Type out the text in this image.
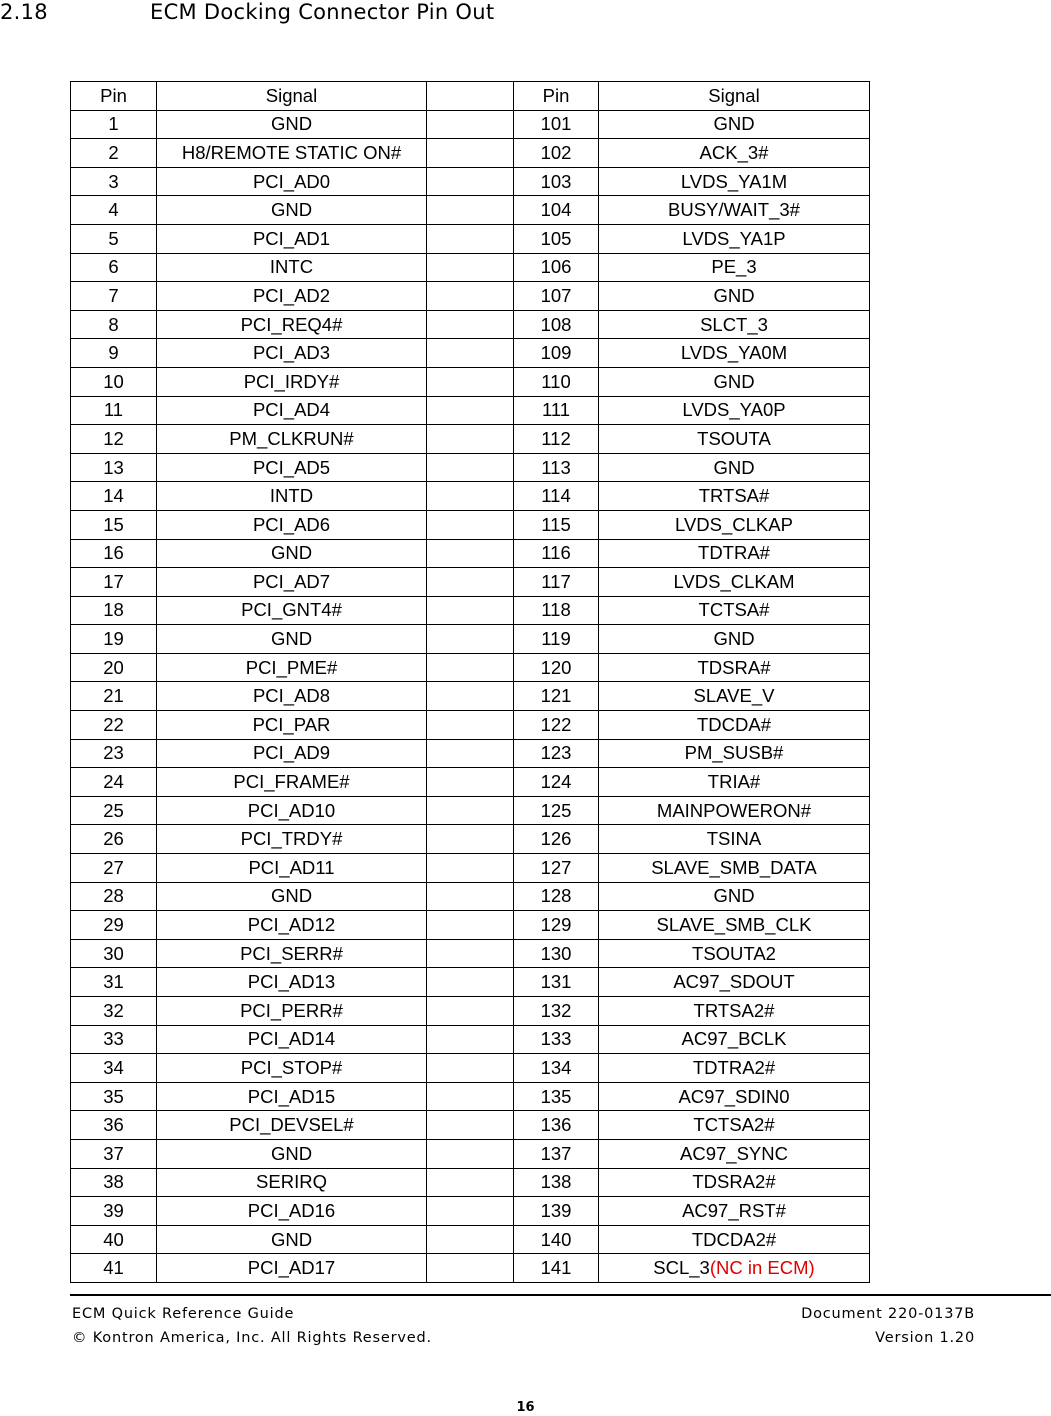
2.18	ECM Docking Connector Pin Out
Pin	Signal		Pin	Signal
1	GND		101	GND
2	H8/REMOTE STATIC ON#		102	ACK_3#
3	PCI_AD0		103	LVDS_YA1M
4	GND		104	BUSY/WAIT_3#
5	PCI_AD1		105	LVDS_YA1P
6	INTC		106	PE_3
7	PCI_AD2		107	GND
8	PCI_REQ4#		108	SLCT_3
9	PCI_AD3		109	LVDS_YA0M
10	PCI_IRDY#		110	GND
11	PCI_AD4		111	LVDS_YA0P
12	PM_CLKRUN#		112	TSOUTA
13	PCI_AD5		113	GND
14	INTD		114	TRTSA#
15	PCI_AD6		115	LVDS_CLKAP
16	GND		116	TDTRA#
17	PCI_AD7		117	LVDS_CLKAM
18	PCI_GNT4#		118	TCTSA#
19	GND		119	GND
20	PCI_PME#		120	TDSRA#
21	PCI_AD8		121	SLAVE_V
22	PCI_PAR		122	TDCDA#
23	PCI_AD9		123	PM_SUSB#
24	PCI_FRAME#		124	TRIA#
25	PCI_AD10		125	MAINPOWERON#
26	PCI_TRDY#		126	TSINA
27	PCI_AD11		127	SLAVE_SMB_DATA
28	GND		128	GND
29	PCI_AD12		129	SLAVE_SMB_CLK
30	PCI_SERR#		130	TSOUTA2
31	PCI_AD13		131	AC97_SDOUT
32	PCI_PERR#		132	TRTSA2#
33	PCI_AD14		133	AC97_BCLK
34	PCI_STOP#		134	TDTRA2#
35	PCI_AD15		135	AC97_SDIN0
36	PCI_DEVSEL#		136	TCTSA2#
37	GND		137	AC97_SYNC
38	SERIRQ		138	TDSRA2#
39	PCI_AD16		139	AC97_RST#
40	GND		140	TDCDA2#
41	PCI_AD17		141	SCL_3(NC in ECM)
ECM Quick Reference Guide	Document 220-0137B
© Kontron America, Inc. All Rights Reserved.	Version 1.20
16
